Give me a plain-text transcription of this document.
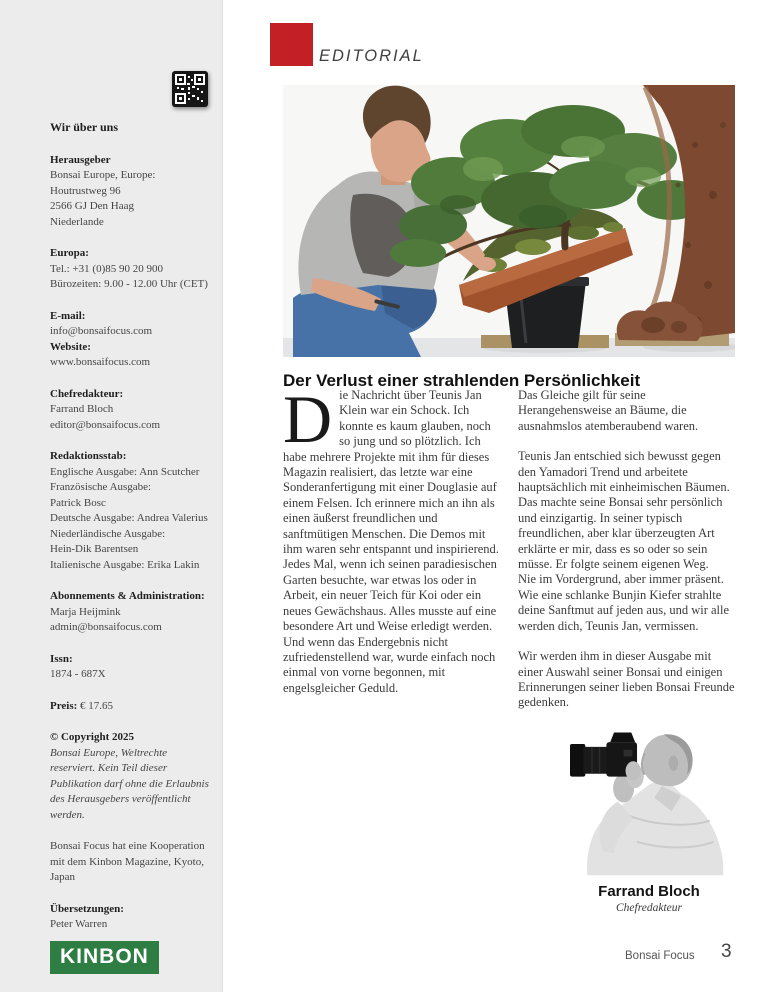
Wir über uns
Herausgeber
Bonsai Europe, Europe:
Houtrustweg 96
2566 GJ Den Haag
Niederlande
Europa:
Tel.: +31 (0)85 90 20 900
Bürozeiten: 9.00 - 12.00 Uhr (CET)
E-mail:
info@bonsaifocus.com
Website:
www.bonsaifocus.com
Chefredakteur:
Farrand Bloch
editor@bonsaifocus.com
Redaktionsstab:
Englische Ausgabe: Ann Scutcher
Französische Ausgabe:
Patrick Bosc
Deutsche Ausgabe: Andrea Valerius
Niederländische Ausgabe:
Hein-Dik Barentsen
Italienische Ausgabe: Erika Lakin
Abonnements & Administration:
Marja Heijmink
admin@bonsaifocus.com
Issn:
1874 - 687X
Preis: € 17.65
© Copyright 2025
Bonsai Europe, Weltrechte reserviert. Kein Teil dieser Publikation darf ohne die Erlaubnis des Herausgebers veröffentlicht werden.
Bonsai Focus hat eine Kooperation mit dem Kinbon Magazine, Kyoto, Japan
Übersetzungen:
Peter Warren
KINBON
EDITORIAL
Der Verlust einer strahlenden Persönlichkeit

Die Nachricht über Teunis Jan Klein war ein Schock. Ich konnte es kaum glauben, noch so jung und so plötzlich. Ich habe mehrere Projekte mit ihm für dieses Magazin realisiert, das letzte war eine Sonderanfertigung mit einer Douglasie auf einem Felsen. Ich erinnere mich an ihn als einen äußerst freundlichen und sanftmütigen Menschen. Die Demos mit ihm waren sehr entspannt und inspirierend. Jedes Mal, wenn ich seinen paradiesischen Garten besuchte, war etwas los oder in Arbeit, ein neuer Teich für Koi oder ein neues Gewächshaus. Alles musste auf eine besondere Art und Weise erledigt werden. Und wenn das Endergebnis nicht zufriedenstellend war, wurde einfach noch einmal von vorne begonnen, mit engelsgleicher Geduld.

Das Gleiche gilt für seine Herangehensweise an Bäume, die ausnahmslos atemberaubend waren.

Teunis Jan entschied sich bewusst gegen den Yamadori Trend und arbeitete hauptsächlich mit einheimischen Bäumen. Das machte seine Bonsai sehr persönlich und einzigartig. In seiner typisch freundlichen, aber klar überzeugten Art erklärte er mir, dass es so oder so sein müsse. Er folgte seinem eigenen Weg.

Nie im Vordergrund, aber immer präsent. Wie eine schlanke Bunjin Kiefer strahlte deine Sanftmut auf jeden aus, und wir alle werden dich, Teunis Jan, vermissen.

Wir werden ihm in dieser Ausgabe mit einer Auswahl seiner Bonsai und einigen Erinnerungen seiner lieben Bonsai Freunde gedenken.

Farrand Bloch
Chefredakteur
Bonsai Focus 3
